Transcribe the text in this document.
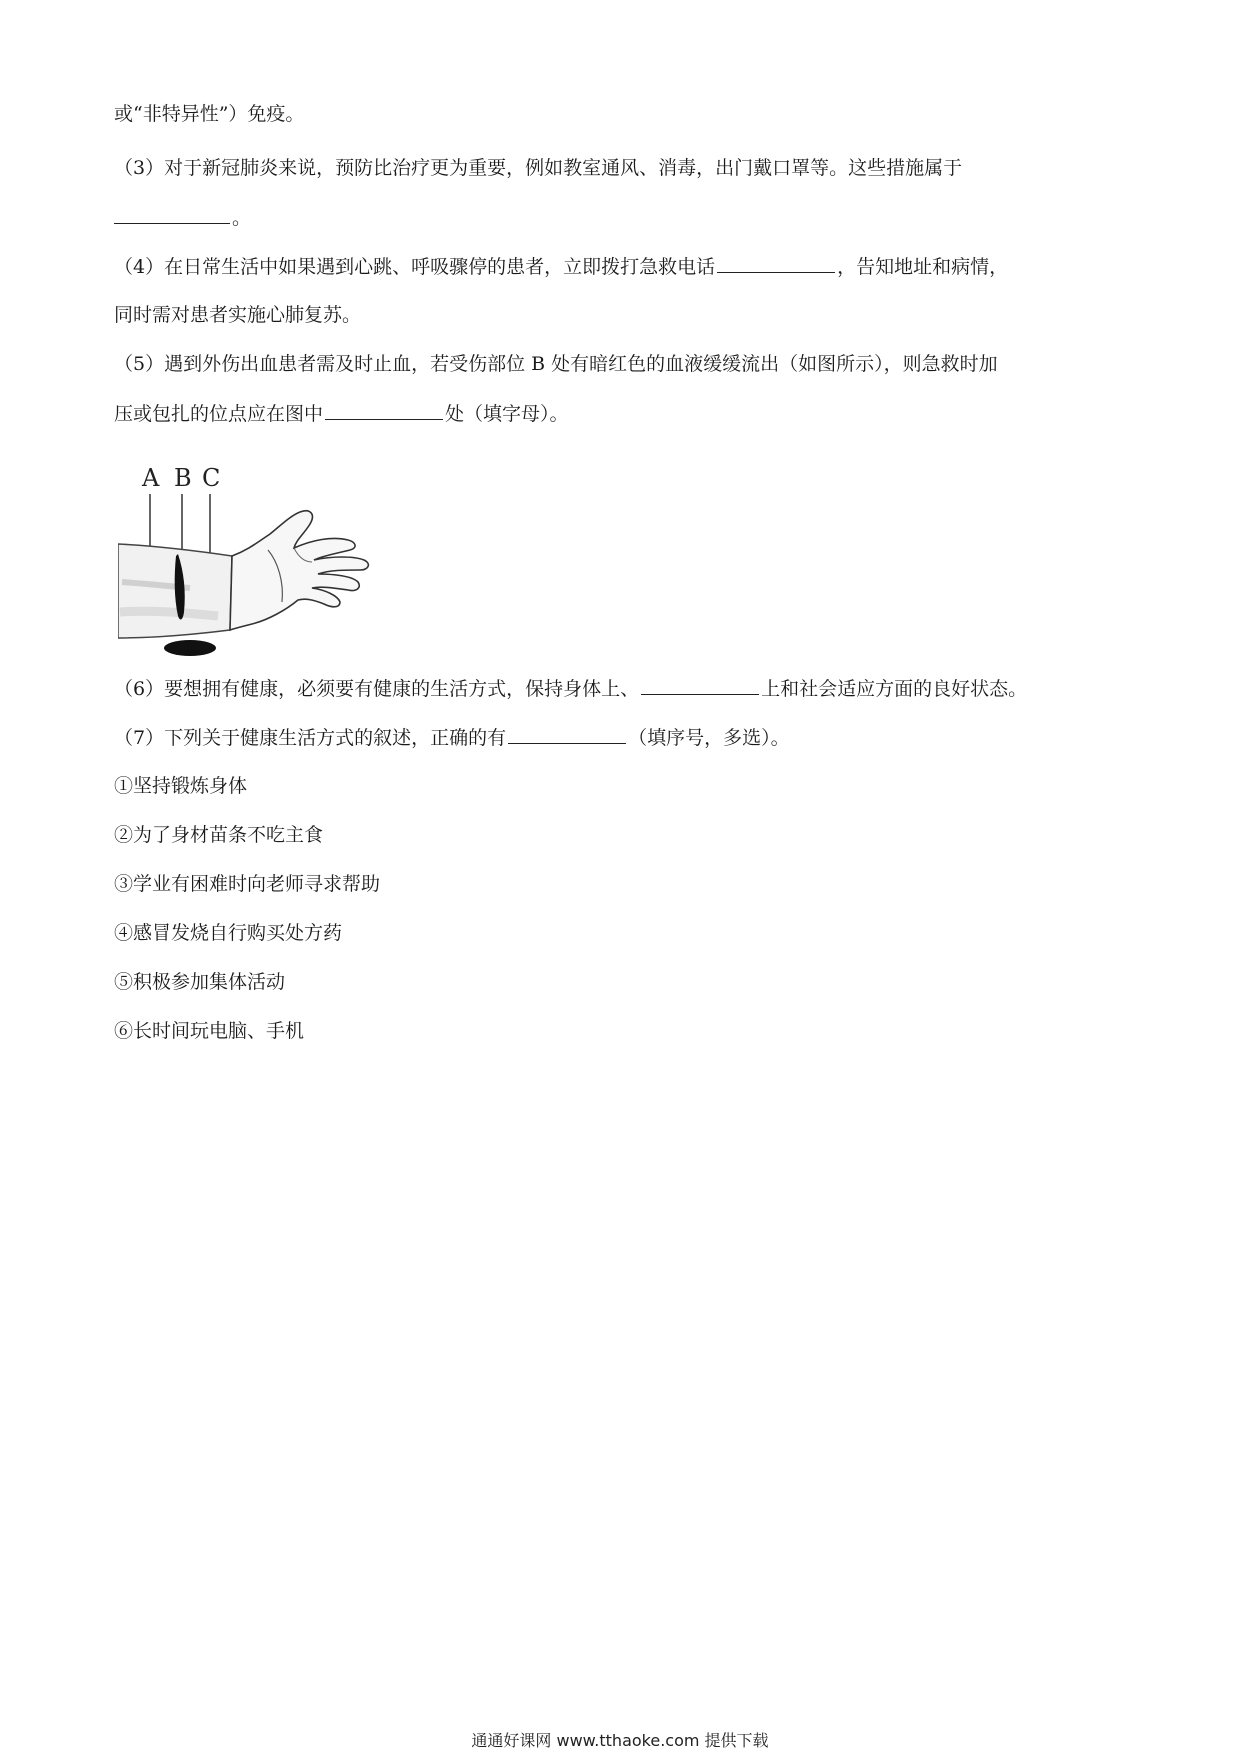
或“非特异性”）免疫。
（3）对于新冠肺炎来说，预防比治疗更为重要，例如教室通风、消毒，出门戴口罩等。这些措施属于
。
（4）在日常生活中如果遇到心跳、呼吸骤停的患者，立即拨打急救电话	，告知地址和病情，
同时需对患者实施心肺复苏。
（5）遇到外伤出血患者需及时止血，若受伤部位 B 处有暗红色的血液缓缓流出（如图所示），则急救时加
压或包扎的位点应在图中	处（填字母）。
A B C
（6）要想拥有健康，必须要有健康的生活方式，保持身体上、	上和社会适应方面的良好状态。
（7）下列关于健康生活方式的叙述，正确的有	（填序号，多选）。
①坚持锻炼身体
②为了身材苗条不吃主食
③学业有困难时向老师寻求帮助
④感冒发烧自行购买处方药
⑤积极参加集体活动
⑥长时间玩电脑、手机
通通好课网 www.tthaoke.com 提供下载
